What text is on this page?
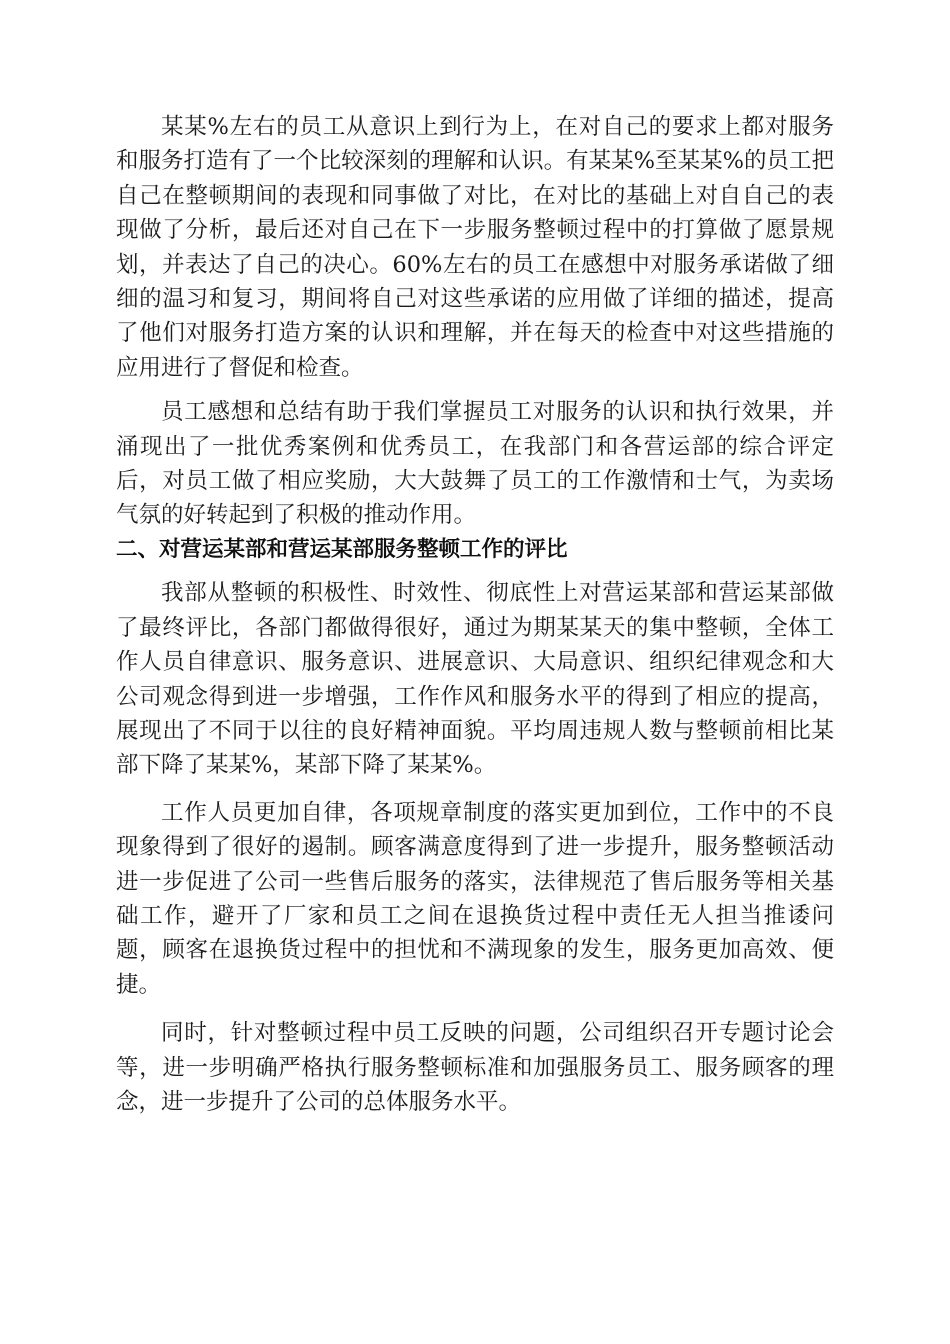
某某%左右的员工从意识上到行为上，在对自己的要求上都对服务和服务打造有了一个比较深刻的理解和认识。有某某%至某某%的员工把自己在整顿期间的表现和同事做了对比，在对比的基础上对自自己的表现做了分析，最后还对自己在下一步服务整顿过程中的打算做了愿景规划，并表达了自己的决心。60%左右的员工在感想中对服务承诺做了细细的温习和复习，期间将自己对这些承诺的应用做了详细的描述，提高了他们对服务打造方案的认识和理解，并在每天的检查中对这些措施的应用进行了督促和检查。

员工感想和总结有助于我们掌握员工对服务的认识和执行效果，并涌现出了一批优秀案例和优秀员工，在我部门和各营运部的综合评定后，对员工做了相应奖励，大大鼓舞了员工的工作激情和士气，为卖场气氛的好转起到了积极的推动作用。

二、对营运某部和营运某部服务整顿工作的评比

我部从整顿的积极性、时效性、彻底性上对营运某部和营运某部做了最终评比，各部门都做得很好，通过为期某某天的集中整顿，全体工作人员自律意识、服务意识、进展意识、大局意识、组织纪律观念和大公司观念得到进一步增强，工作作风和服务水平的得到了相应的提高，展现出了不同于以往的良好精神面貌。平均周违规人数与整顿前相比某部下降了某某%，某部下降了某某%。

工作人员更加自律，各项规章制度的落实更加到位，工作中的不良现象得到了很好的遏制。顾客满意度得到了进一步提升，服务整顿活动进一步促进了公司一些售后服务的落实，法律规范了售后服务等相关基础工作，避开了厂家和员工之间在退换货过程中责任无人担当推诿问题，顾客在退换货过程中的担忧和不满现象的发生，服务更加高效、便捷。

同时，针对整顿过程中员工反映的问题，公司组织召开专题讨论会等，进一步明确严格执行服务整顿标准和加强服务员工、服务顾客的理念，进一步提升了公司的总体服务水平。
